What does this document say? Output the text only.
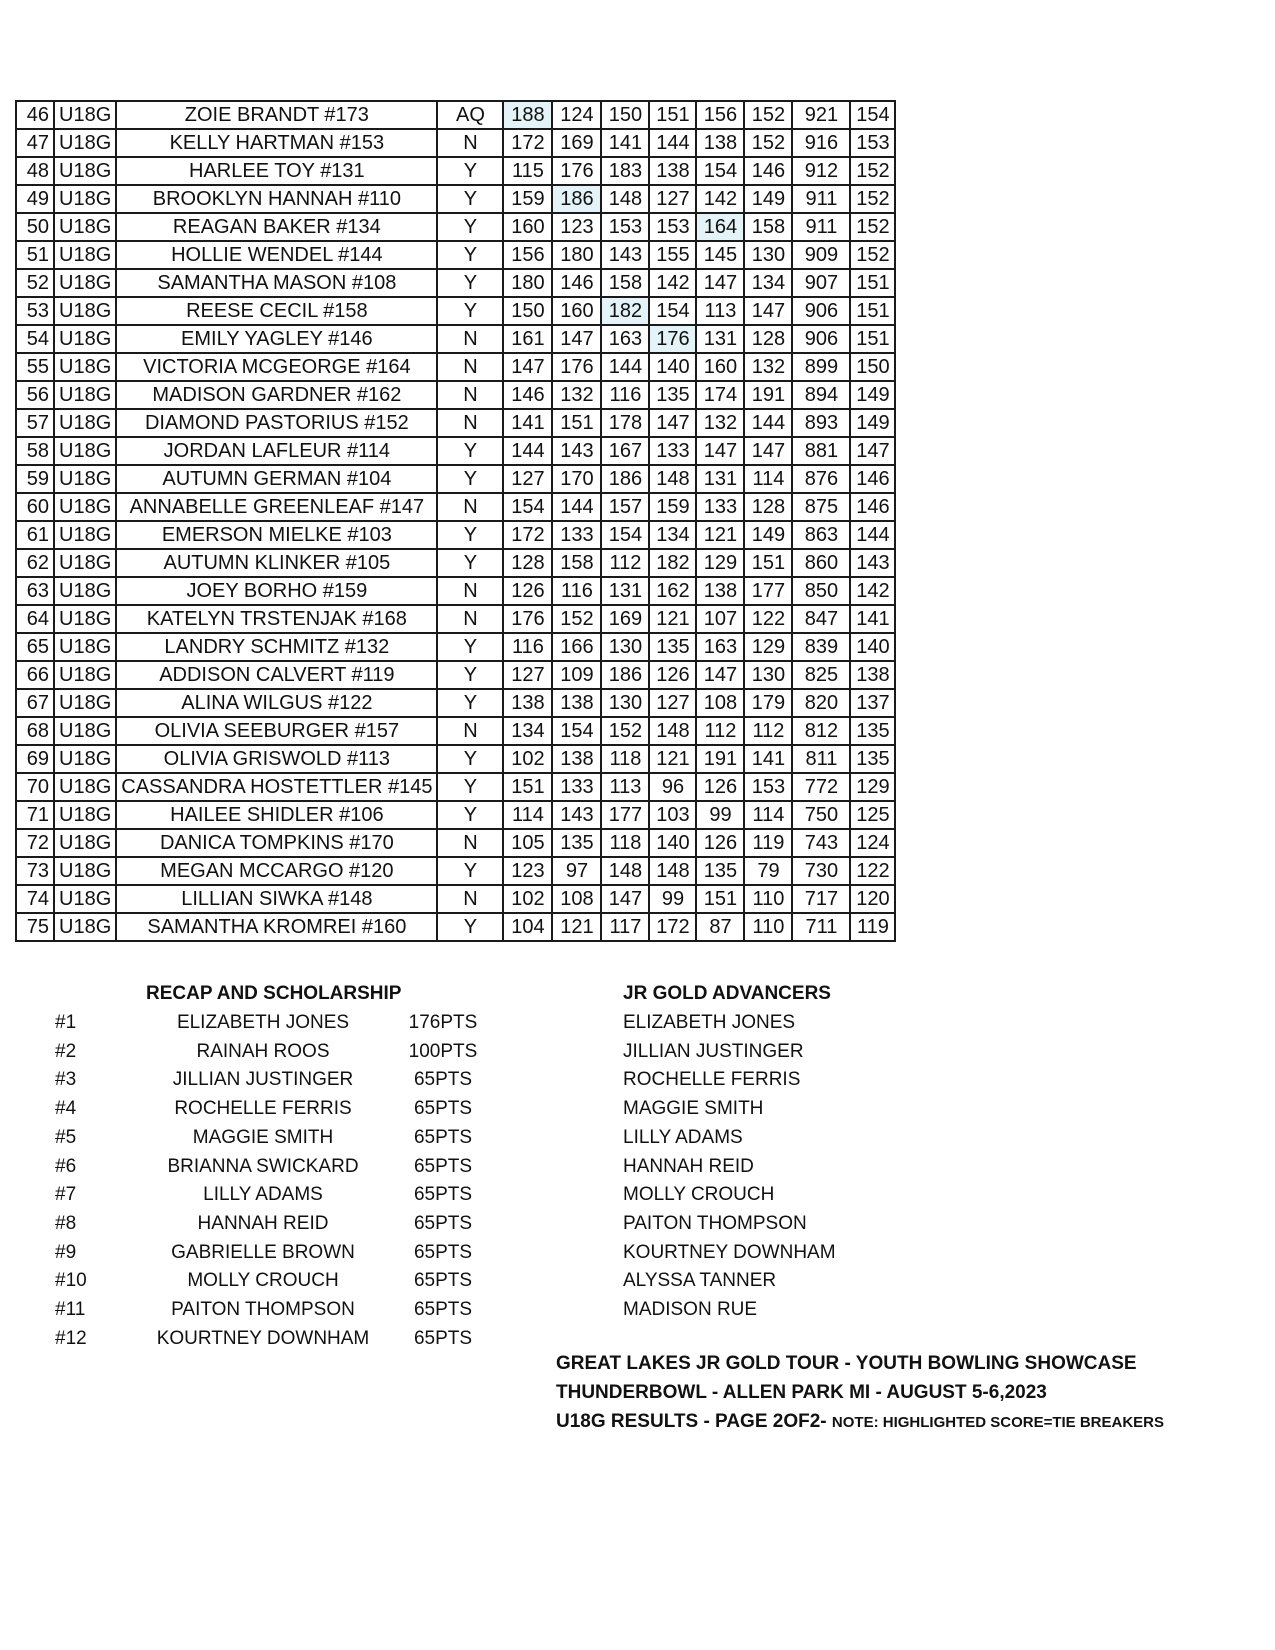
46	U18G	ZOIE BRANDT #173	AQ	188	124	150	151	156	152	921	154
47	U18G	KELLY HARTMAN #153	N	172	169	141	144	138	152	916	153
48	U18G	HARLEE TOY #131	Y	115	176	183	138	154	146	912	152
49	U18G	BROOKLYN HANNAH #110	Y	159	186	148	127	142	149	911	152
50	U18G	REAGAN BAKER #134	Y	160	123	153	153	164	158	911	152
51	U18G	HOLLIE WENDEL #144	Y	156	180	143	155	145	130	909	152
52	U18G	SAMANTHA MASON #108	Y	180	146	158	142	147	134	907	151
53	U18G	REESE CECIL #158	Y	150	160	182	154	113	147	906	151
54	U18G	EMILY YAGLEY #146	N	161	147	163	176	131	128	906	151
55	U18G	VICTORIA MCGEORGE #164	N	147	176	144	140	160	132	899	150
56	U18G	MADISON GARDNER #162	N	146	132	116	135	174	191	894	149
57	U18G	DIAMOND PASTORIUS #152	N	141	151	178	147	132	144	893	149
58	U18G	JORDAN LAFLEUR #114	Y	144	143	167	133	147	147	881	147
59	U18G	AUTUMN GERMAN #104	Y	127	170	186	148	131	114	876	146
60	U18G	ANNABELLE GREENLEAF #147	N	154	144	157	159	133	128	875	146
61	U18G	EMERSON MIELKE #103	Y	172	133	154	134	121	149	863	144
62	U18G	AUTUMN KLINKER #105	Y	128	158	112	182	129	151	860	143
63	U18G	JOEY BORHO #159	N	126	116	131	162	138	177	850	142
64	U18G	KATELYN TRSTENJAK #168	N	176	152	169	121	107	122	847	141
65	U18G	LANDRY SCHMITZ #132	Y	116	166	130	135	163	129	839	140
66	U18G	ADDISON CALVERT #119	Y	127	109	186	126	147	130	825	138
67	U18G	ALINA WILGUS #122	Y	138	138	130	127	108	179	820	137
68	U18G	OLIVIA SEEBURGER #157	N	134	154	152	148	112	112	812	135
69	U18G	OLIVIA GRISWOLD #113	Y	102	138	118	121	191	141	811	135
70	U18G	CASSANDRA HOSTETTLER #145	Y	151	133	113	96	126	153	772	129
71	U18G	HAILEE SHIDLER #106	Y	114	143	177	103	99	114	750	125
72	U18G	DANICA TOMPKINS #170	N	105	135	118	140	126	119	743	124
73	U18G	MEGAN MCCARGO #120	Y	123	97	148	148	135	79	730	122
74	U18G	LILLIAN SIWKA #148	N	102	108	147	99	151	110	717	120
75	U18G	SAMANTHA KROMREI #160	Y	104	121	117	172	87	110	711	119
RECAP AND SCHOLARSHIP
#1	ELIZABETH JONES	176PTS
#2	RAINAH ROOS	100PTS
#3	JILLIAN JUSTINGER	65PTS
#4	ROCHELLE FERRIS	65PTS
#5	MAGGIE SMITH	65PTS
#6	BRIANNA SWICKARD	65PTS
#7	LILLY ADAMS	65PTS
#8	HANNAH REID	65PTS
#9	GABRIELLE BROWN	65PTS
#10	MOLLY CROUCH	65PTS
#11	PAITON THOMPSON	65PTS
#12	KOURTNEY DOWNHAM 65PTS
JR GOLD ADVANCERS
ELIZABETH JONES
JILLIAN JUSTINGER
ROCHELLE FERRIS
MAGGIE SMITH
LILLY ADAMS
HANNAH REID
MOLLY CROUCH
PAITON THOMPSON
KOURTNEY DOWNHAM
ALYSSA TANNER
MADISON RUE
GREAT LAKES JR GOLD TOUR - YOUTH BOWLING SHOWCASE
THUNDERBOWL - ALLEN PARK MI - AUGUST 5-6,2023
U18G RESULTS - PAGE 2OF2- NOTE: HIGHLIGHTED SCORE=TIE BREAKERS
